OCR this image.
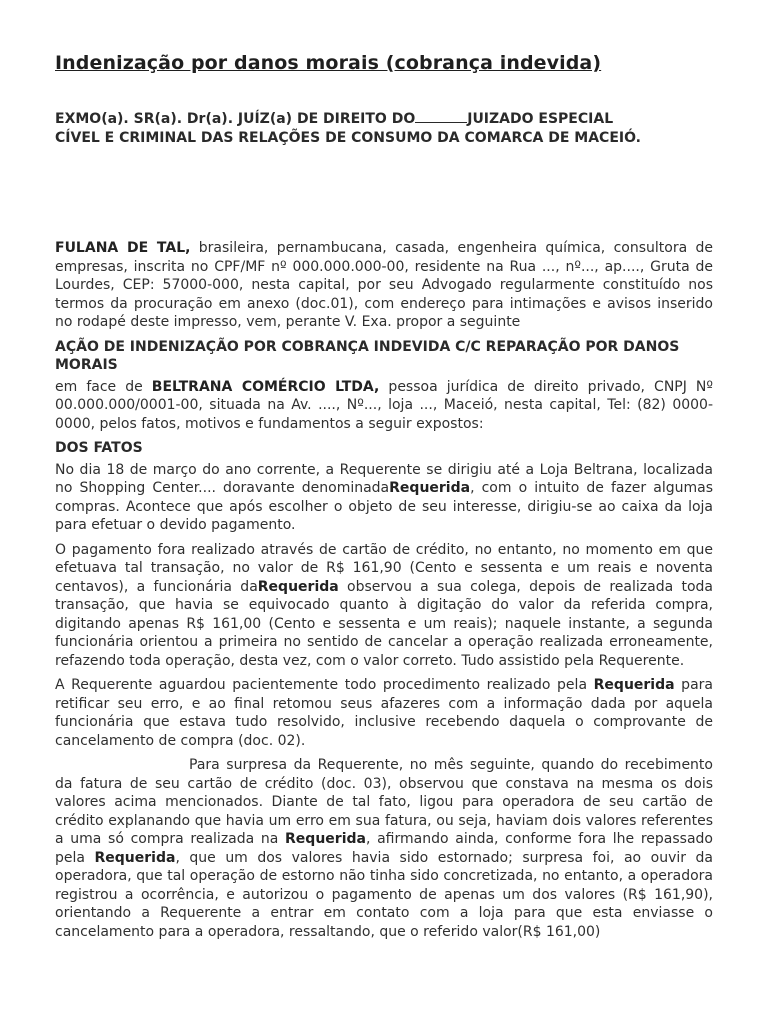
Indenização por danos morais (cobrança indevida)
EXMO(a). SR(a). Dr(a). JUÍZ(a) DE DIREITO DO	JUIZADO ESPECIAL
CÍVEL E CRIMINAL DAS RELAÇÕES DE CONSUMO DA COMARCA DE MACEIÓ.

FULANA DE TAL, brasileira, pernambucana, casada, engenheira química, consultora de empresas, inscrita no CPF/MF nº 000.000.000-00, residente na Rua ..., nº..., ap...., Gruta de Lourdes, CEP: 57000-000, nesta capital, por seu Advogado regularmente constituído nos termos da procuração em anexo (doc.01), com endereço para intimações e avisos inserido no rodapé deste impresso, vem, perante V. Exa. propor a seguinte

AÇÃO DE INDENIZAÇÃO POR COBRANÇA INDEVIDA C/C REPARAÇÃO POR DANOS MORAIS

em face de BELTRANA COMÉRCIO LTDA, pessoa jurídica de direito privado, CNPJ Nº 00.000.000/0001-00, situada na Av. ...., Nº..., loja ..., Maceió, nesta capital, Tel: (82) 0000-0000, pelos fatos, motivos e fundamentos a seguir expostos:

DOS FATOS

No dia 18 de março do ano corrente, a Requerente se dirigiu até a Loja Beltrana, localizada no Shopping Center.... doravante denominadaRequerida, com o intuito de fazer algumas compras. Acontece que após escolher o objeto de seu interesse, dirigiu-se ao caixa da loja para efetuar o devido pagamento.

O pagamento fora realizado através de cartão de crédito, no entanto, no momento em que efetuava tal transação, no valor de R$ 161,90 (Cento e sessenta e um reais e noventa centavos), a funcionária daRequerida observou a sua colega, depois de realizada toda transação, que havia se equivocado quanto à digitação do valor da referida compra, digitando apenas R$ 161,00 (Cento e sessenta e um reais); naquele instante, a segunda funcionária orientou a primeira no sentido de cancelar a operação realizada erroneamente, refazendo toda operação, desta vez, com o valor correto. Tudo assistido pela Requerente.

A Requerente aguardou pacientemente todo procedimento realizado pela Requerida para retificar seu erro, e ao final retomou seus afazeres com a informação dada por aquela funcionária que estava tudo resolvido, inclusive recebendo daquela o comprovante de cancelamento de compra (doc. 02).

Para surpresa da Requerente, no mês seguinte, quando do recebimento da fatura de seu cartão de crédito (doc. 03), observou que constava na mesma os dois valores acima mencionados. Diante de tal fato, ligou para operadora de seu cartão de crédito explanando que havia um erro em sua fatura, ou seja, haviam dois valores referentes a uma só compra realizada na Requerida, afirmando ainda, conforme fora lhe repassado pela Requerida, que um dos valores havia sido estornado; surpresa foi, ao ouvir da operadora, que tal operação de estorno não tinha sido concretizada, no entanto, a operadora registrou a ocorrência, e autorizou o pagamento de apenas um dos valores (R$ 161,90), orientando a Requerente a entrar em contato com a loja para que esta enviasse o cancelamento para a operadora, ressaltando, que o referido valor(R$ 161,00)
